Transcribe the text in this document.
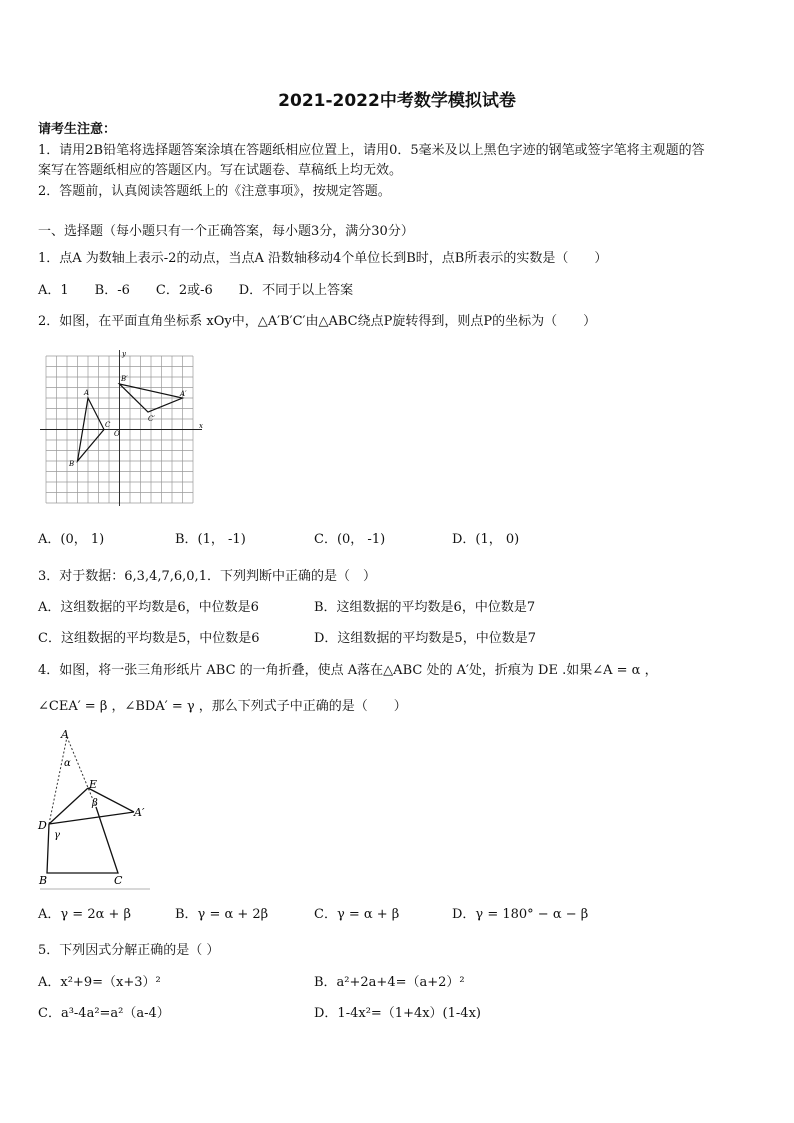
2021-2022中考数学模拟试卷
请考生注意：
1．请用2B铅笔将选择题答案涂填在答题纸相应位置上，请用0．5毫米及以上黑色字迹的钢笔或签字笔将主观题的答
案写在答题纸相应的答题区内。写在试题卷、草稿纸上均无效。
2．答题前，认真阅读答题纸上的《注意事项》，按规定答题。
一、选择题（每小题只有一个正确答案，每小题3分，满分30分）
1．点A 为数轴上表示-2的动点，当点A 沿数轴移动4个单位长到B时，点B所表示的实数是（　　）
A．1　　B．-6　　C．2或-6　　D．不同于以上答案
2．如图，在平面直角坐标系 xOy中，△A′B′C′由△ABC绕点P旋转得到，则点P的坐标为（　　）
A
B
C
O
B′
A′
C′
x
y
A．(0， 1)	B．(1， -1)	C．(0， -1)	D．(1， 0)
3．对于数据：6,3,4,7,6,0,1．下列判断中正确的是（　）
A．这组数据的平均数是6，中位数是6	B．这组数据的平均数是6，中位数是7
C．这组数据的平均数是5，中位数是6	D．这组数据的平均数是5，中位数是7
4．如图，将一张三角形纸片 ABC 的一角折叠，使点 A落在△ABC 处的 A′处，折痕为 DE .如果∠A = α ，
∠CEA′ = β ，∠BDA′ = γ ，那么下列式子中正确的是（　　）
A
α
E
β
D
γ
A′
B	C
A．γ = 2α + β	B．γ = α + 2β	C．γ = α + β	D．γ = 180° − α − β
5．下列因式分解正确的是（ ）
A．x²+9=（x+3）²	B．a²+2a+4=（a+2）²
C．a³-4a²=a²（a-4）	D．1-4x²=（1+4x）(1-4x)
